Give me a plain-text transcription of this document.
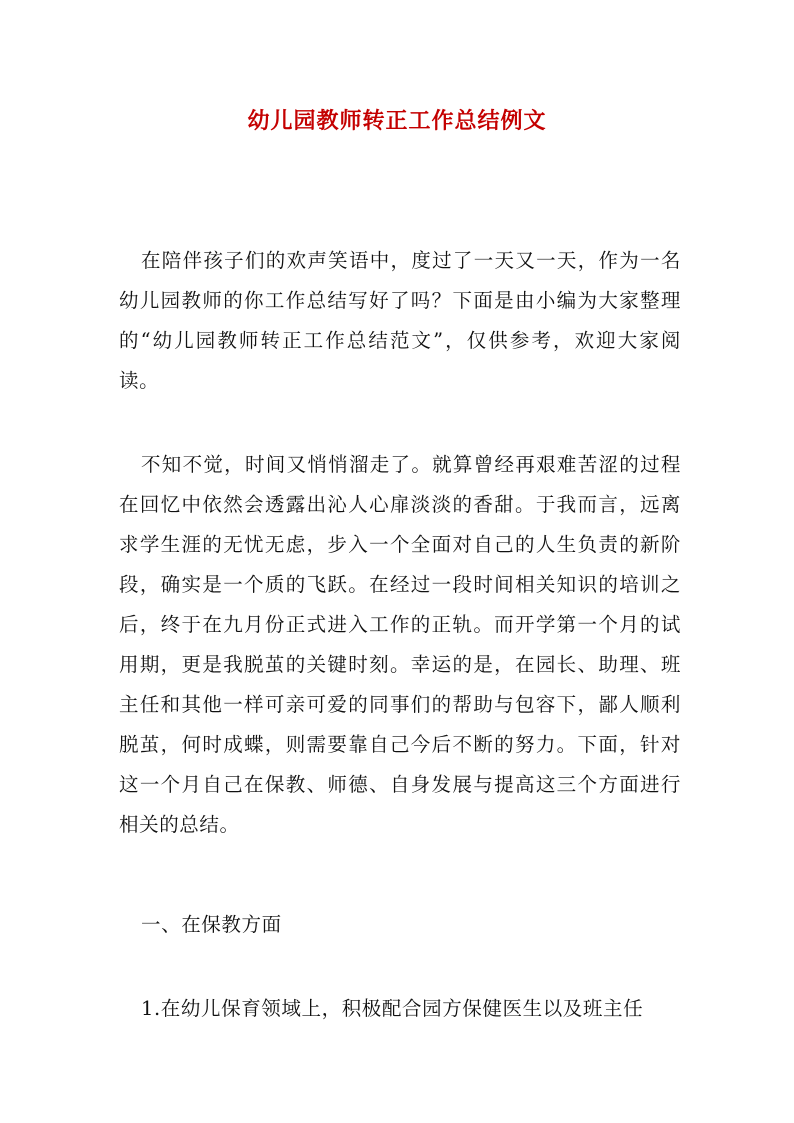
幼儿园教师转正工作总结例文

在陪伴孩子们的欢声笑语中，度过了一天又一天，作为一名幼儿园教师的你工作总结写好了吗？下面是由小编为大家整理的“幼儿园教师转正工作总结范文”，仅供参考，欢迎大家阅读。

不知不觉，时间又悄悄溜走了。就算曾经再艰难苦涩的过程在回忆中依然会透露出沁人心扉淡淡的香甜。于我而言，远离求学生涯的无忧无虑，步入一个全面对自己的人生负责的新阶段，确实是一个质的飞跃。在经过一段时间相关知识的培训之后，终于在九月份正式进入工作的正轨。而开学第一个月的试用期，更是我脱茧的关键时刻。幸运的是，在园长、助理、班主任和其他一样可亲可爱的同事们的帮助与包容下，鄙人顺利脱茧，何时成蝶，则需要靠自己今后不断的努力。下面，针对这一个月自己在保教、师德、自身发展与提高这三个方面进行相关的总结。

一、在保教方面

1.在幼儿保育领域上，积极配合园方保健医生以及班主任
